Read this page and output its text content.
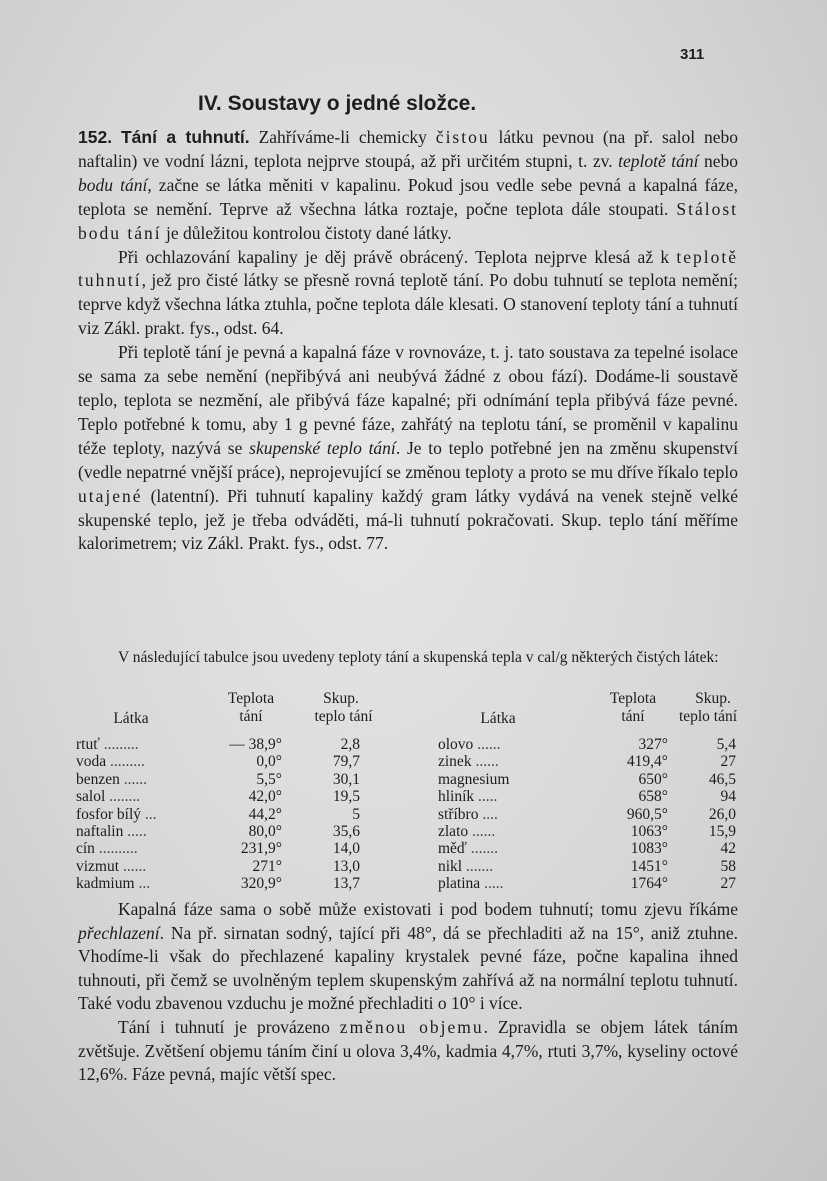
311
IV. Soustavy o jedné složce.

152. Tání a tuhnutí. Zahříváme-li chemicky čistou látku pevnou (na př. salol nebo naftalin) ve vodní lázni, teplota nejprve stoupá, až při určitém stupni, t. zv. teplotě tání nebo bodu tání, začne se látka měniti v kapalinu. Pokud jsou vedle sebe pevná a kapalná fáze, teplota se nemění. Teprve až všechna látka roztaje, počne teplota dále stoupati. Stálost bodu tání je důležitou kontrolou čistoty dané látky.

Při ochlazování kapaliny je děj právě obrácený. Teplota nejprve klesá až k teplotě tuhnutí, jež pro čisté látky se přesně rovná teplotě tání. Po dobu tuhnutí se teplota nemění; teprve když všechna látka ztuhla, počne teplota dále klesati. O stanovení teploty tání a tuhnutí viz Zákl. prakt. fys., odst. 64.

Při teplotě tání je pevná a kapalná fáze v rovnováze, t. j. tato soustava za tepelné isolace se sama za sebe nemění (nepřibývá ani neubývá žádné z obou fází). Dodáme-li soustavě teplo, teplota se nezmění, ale přibývá fáze kapalné; při odnímání tepla přibývá fáze pevné. Teplo potřebné k tomu, aby 1 g pevné fáze, zahřátý na teplotu tání, se proměnil v kapalinu téže teploty, nazývá se skupenské teplo tání. Je to teplo potřebné jen na změnu skupenství (vedle nepatrné vnější práce), neprojevující se změnou teploty a proto se mu dříve říkalo teplo utajené (latentní). Při tuhnutí kapaliny každý gram látky vydává na venek stejně velké skupenské teplo, jež je třeba odváděti, má-li tuhnutí pokračovati. Skup. teplo tání měříme kalorimetrem; viz Zákl. Prakt. fys., odst. 77.

V následující tabulce jsou uvedeny teploty tání a skupenská tepla v cal/g některých čistých látek:

Látka
Teplota
tání
Skup.
teplo tání
rtuť .........	— 38,9°	2,8
voda .........	0,0°	79,7
benzen ......	5,5°	30,1
salol ........	42,0°	19,5
fosfor bílý ...	44,2°	5
naftalin .....	80,0°	35,6
cín ..........	231,9°	14,0
vizmut ......	271°	13,0
kadmium ...	320,9°	13,7
Látka
Teplota
tání
Skup.
teplo tání
olovo ......	327°	5,4
zinek ......	419,4°	27
magnesium	650°	46,5
hliník .....	658°	94
stříbro ....	960,5°	26,0
zlato ......	1063°	15,9
měď .......	1083°	42
nikl .......	1451°	58
platina .....	1764°	27

Kapalná fáze sama o sobě může existovati i pod bodem tuhnutí; tomu zjevu říkáme přechlazení. Na př. sirnatan sodný, tající při 48°, dá se přechladiti až na 15°, aniž ztuhne. Vhodíme-li však do přechlazené kapaliny krystalek pevné fáze, počne kapalina ihned tuhnouti, při čemž se uvolněným teplem skupenským zahřívá až na normální teplotu tuhnutí. Také vodu zbavenou vzduchu je možné přechladiti o 10° i více.

Tání i tuhnutí je provázeno změnou objemu. Zpravidla se objem látek táním zvětšuje. Zvětšení objemu táním činí u olova 3,4%, kadmia 4,7%, rtuti 3,7%, kyseliny octové 12,6%. Fáze pevná, majíc větší spec.
